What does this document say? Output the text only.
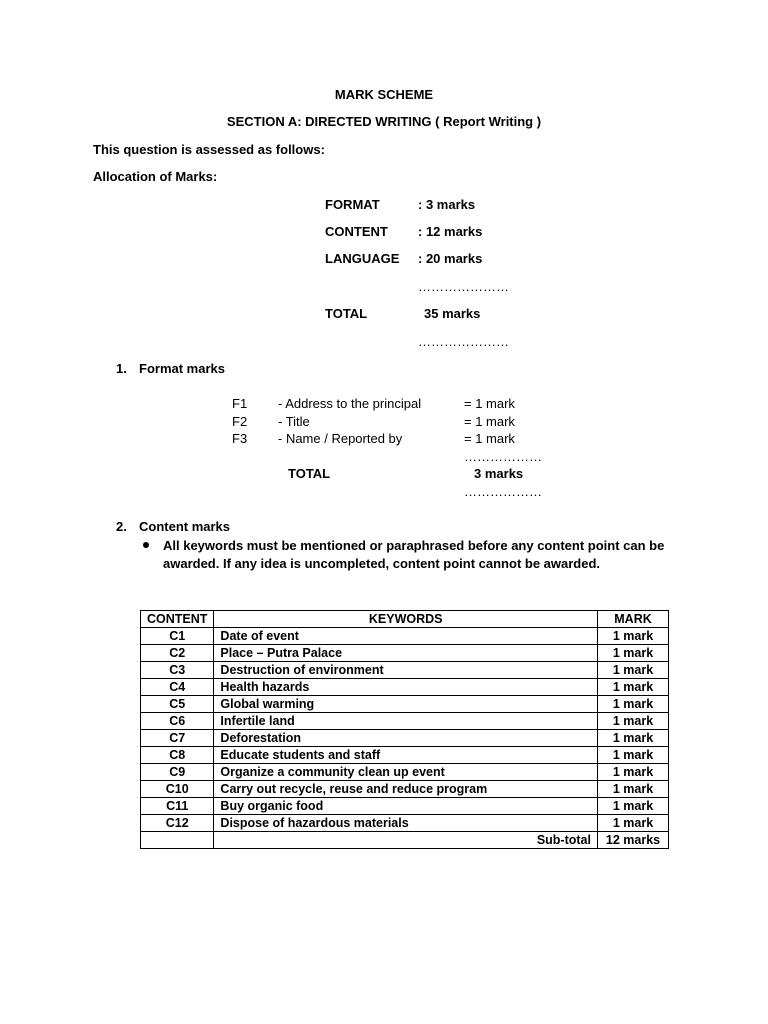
MARK SCHEME
SECTION A: DIRECTED WRITING ( Report Writing )
This question is assessed as follows:
Allocation of Marks:
FORMAT	: 3 marks
CONTENT : 12 marks
LANGUAGE : 20 marks
…………………
TOTAL	35 marks
…………………
1. Format marks
F1 - Address to the principal	= 1 mark
F2 - Title	= 1 mark
F3 - Name / Reported by	= 1 mark
………………
………………
TOTAL	3 marks
2. Content marks
All keywords must be mentioned or paraphrased before any content point can be
awarded. If any idea is uncompleted, content point cannot be awarded.
CONTENT	KEYWORDS	MARK
C1	Date of event	1 mark
C2	Place – Putra Palace	1 mark
C3	Destruction of environment	1 mark
C4	Health hazards	1 mark
C5	Global warming	1 mark
C6	Infertile land	1 mark
C7	Deforestation	1 mark
C8	Educate students and staff	1 mark
C9	Organize a community clean up event	1 mark
C10	Carry out recycle, reuse and reduce program	1 mark
C11	Buy organic food	1 mark
C12	Dispose of hazardous materials	1 mark
	Sub-total	12 marks
